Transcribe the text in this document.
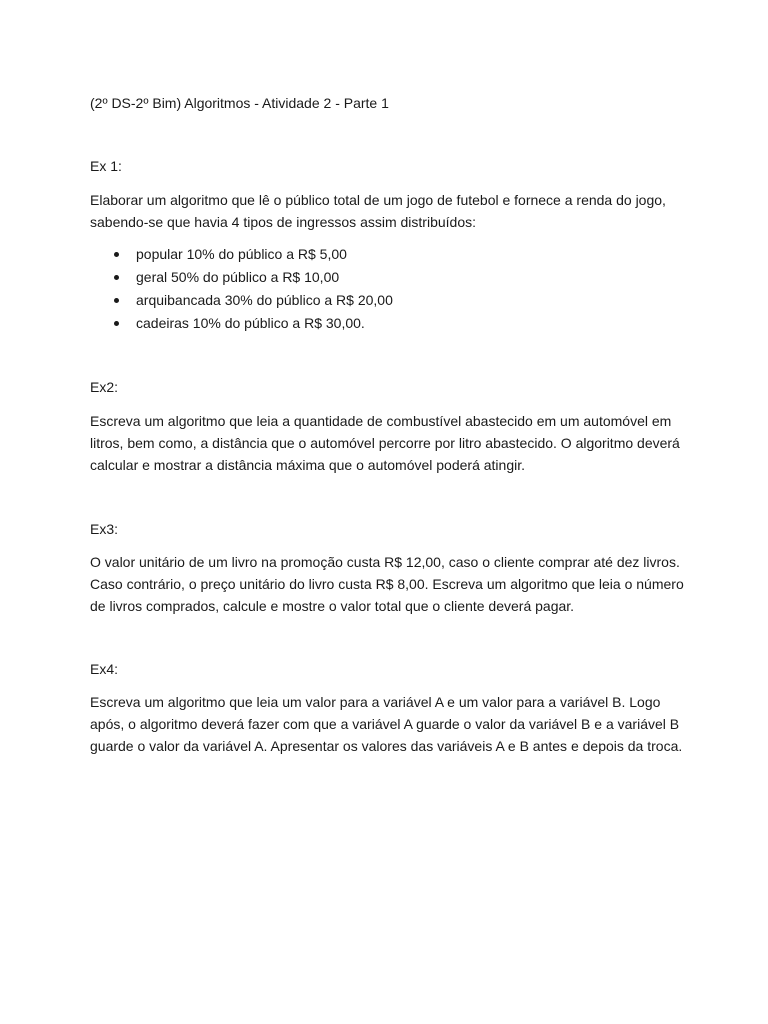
(2º DS-2º Bim) Algoritmos - Atividade 2 - Parte 1

Ex 1:

Elaborar um algoritmo que lê o público total de um jogo de futebol e fornece a renda do jogo, sabendo-se que havia 4 tipos de ingressos assim distribuídos:

popular 10% do público a R$ 5,00
geral 50% do público a R$ 10,00
arquibancada 30% do público a R$ 20,00
cadeiras 10% do público a R$ 30,00.

Ex2:

Escreva um algoritmo que leia a quantidade de combustível abastecido em um automóvel em litros, bem como, a distância que o automóvel percorre por litro abastecido. O algoritmo deverá calcular e mostrar a distância máxima que o automóvel poderá atingir.

Ex3:

O valor unitário de um livro na promoção custa R$ 12,00, caso o cliente comprar até dez livros. Caso contrário, o preço unitário do livro custa R$ 8,00. Escreva um algoritmo que leia o número de livros comprados, calcule e mostre o valor total que o cliente deverá pagar.

Ex4:

Escreva um algoritmo que leia um valor para a variável A e um valor para a variável B. Logo após, o algoritmo deverá fazer com que a variável A guarde o valor da variável B e a variável B guarde o valor da variável A. Apresentar os valores das variáveis A e B antes e depois da troca.
